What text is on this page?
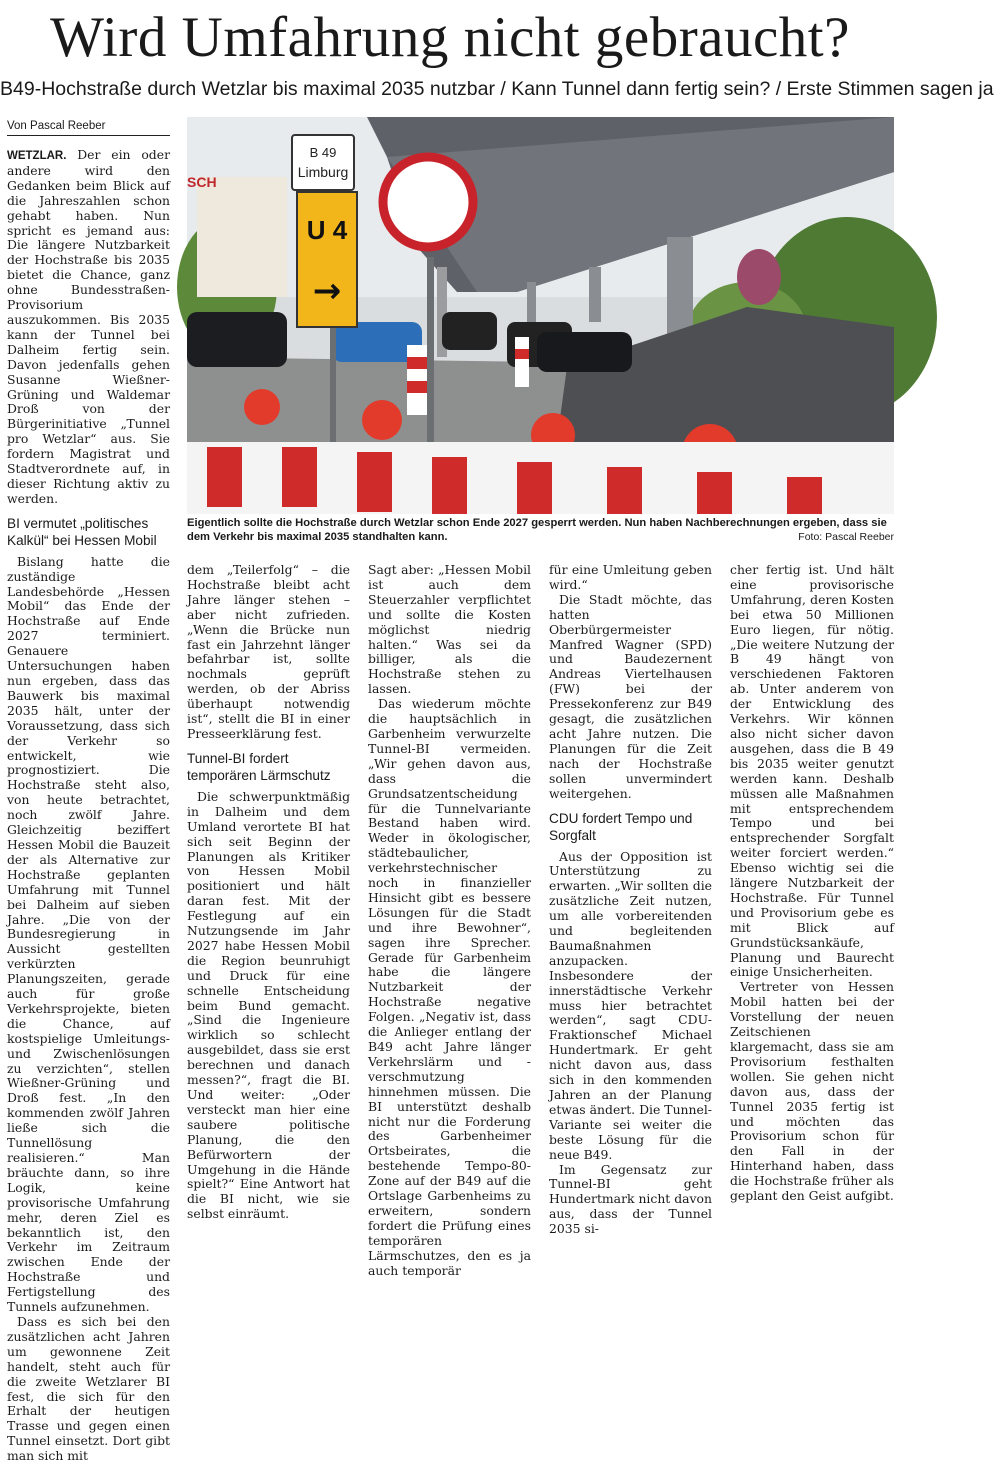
Wird Umfahrung nicht gebraucht?
B49-Hochstraße durch Wetzlar bis maximal 2035 nutzbar / Kann Tunnel dann fertig sein? / Erste Stimmen sagen ja
Von Pascal Reeber

WETZLAR. Der ein oder andere wird den Gedanken beim Blick auf die Jahreszahlen schon gehabt haben. Nun spricht es jemand aus: Die längere Nutzbarkeit der Hochstraße bis 2035 bietet die Chance, ganz ohne Bundesstraßen-Provisorium auszukommen. Bis 2035 kann der Tunnel bei Dalheim fertig sein. Davon jedenfalls gehen Susanne Wießner-Grüning und Waldemar Droß von der Bürgerinitiative „Tunnel pro Wetzlar“ aus. Sie fordern Magistrat und Stadtverordnete auf, in dieser Richtung aktiv zu werden.

BI vermutet „politisches Kalkül“ bei Hessen Mobil

Bislang hatte die zuständige Landesbehörde „Hessen Mobil“ das Ende der Hochstraße auf Ende 2027 terminiert. Genauere Untersuchungen haben nun ergeben, dass das Bauwerk bis maximal 2035 hält, unter der Voraussetzung, dass sich der Verkehr so entwickelt, wie prognostiziert. Die Hochstraße steht also, von heute betrachtet, noch zwölf Jahre. Gleichzeitig beziffert Hessen Mobil die Bauzeit der als Alternative zur Hochstraße geplanten Umfahrung mit Tunnel bei Dalheim auf sieben Jahre. „Die von der Bundesregierung in Aussicht gestellten verkürzten Planungszeiten, gerade auch für große Verkehrsprojekte, bieten die Chance, auf kostspielige Umleitungs- und Zwischenlösungen zu verzichten“, stellen Wießner-Grüning und Droß fest. „In den kommenden zwölf Jahren ließe sich die Tunnellösung realisieren.“ Man bräuchte dann, so ihre Logik, keine provisorische Umfahrung mehr, deren Ziel es bekanntlich ist, den Verkehr im Zeitraum zwischen Ende der Hochstraße und Fertigstellung des Tunnels aufzunehmen.

Dass es sich bei den zusätzlichen acht Jahren um gewonnene Zeit handelt, steht auch für die zweite Wetzlarer BI fest, die sich für den Erhalt der heutigen Trasse und gegen einen Tunnel einsetzt. Dort gibt man sich mit

SCH
B 49
Limburg
U 4
→
Eigentlich sollte die Hochstraße durch Wetzlar schon Ende 2027 gesperrt werden. Nun haben Nachberechnungen ergeben, dass sie dem Verkehr bis maximal 2035 standhalten kann.	Foto: Pascal Reeber

dem „Teilerfolg“ – die Hochstraße bleibt acht Jahre länger stehen – aber nicht zufrieden. „Wenn die Brücke nun fast ein Jahrzehnt länger befahrbar ist, sollte nochmals geprüft werden, ob der Abriss überhaupt notwendig ist“, stellt die BI in einer Presseerklärung fest.

Tunnel-BI fordert temporären Lärmschutz

Die schwerpunktmäßig in Dalheim und dem Umland verortete BI hat sich seit Beginn der Planungen als Kritiker von Hessen Mobil positioniert und hält daran fest. Mit der Festlegung auf ein Nutzungsende im Jahr 2027 habe Hessen Mobil die Region beunruhigt und Druck für eine schnelle Entscheidung beim Bund gemacht. „Sind die Ingenieure wirklich so schlecht ausgebildet, dass sie erst berechnen und danach messen?“, fragt die BI. Und weiter: „Oder versteckt man hier eine saubere politische Planung, die den Befürwortern der Umgehung in die Hände spielt?“ Eine Antwort hat die BI nicht, wie sie selbst einräumt.

Sagt aber: „Hessen Mobil ist auch dem Steuerzahler verpflichtet und sollte die Kosten möglichst niedrig halten.“ Was sei da billiger, als die Hochstraße stehen zu lassen.

Das wiederum möchte die hauptsächlich in Garbenheim verwurzelte Tunnel-BI vermeiden. „Wir gehen davon aus, dass die Grundsatzentscheidung für die Tunnelvariante Bestand haben wird. Weder in ökologischer, städtebaulicher, verkehrstechnischer noch in finanzieller Hinsicht gibt es bessere Lösungen für die Stadt und ihre Bewohner“, sagen ihre Sprecher. Gerade für Garbenheim habe die längere Nutzbarkeit der Hochstraße negative Folgen. „Negativ ist, dass die Anlieger entlang der B49 acht Jahre länger Verkehrslärm und -verschmutzung hinnehmen müssen. Die BI unterstützt deshalb nicht nur die Forderung des Garbenheimer Ortsbeirates, die bestehende Tempo-80-Zone auf der B49 auf die Ortslage Garbenheims zu erweitern, sondern fordert die Prüfung eines temporären Lärmschutzes, den es ja auch temporär

für eine Umleitung geben wird.“

Die Stadt möchte, das hatten Oberbürgermeister Manfred Wagner (SPD) und Baudezernent Andreas Viertelhausen (FW) bei der Pressekonferenz zur B49 gesagt, die zusätzlichen acht Jahre nutzen. Die Planungen für die Zeit nach der Hochstraße sollen unvermindert weitergehen.

CDU fordert Tempo und Sorgfalt

Aus der Opposition ist Unterstützung zu erwarten. „Wir sollten die zusätzliche Zeit nutzen, um alle vorbereitenden und begleitenden Baumaßnahmen anzupacken. Insbesondere der innerstädtische Verkehr muss hier betrachtet werden“, sagt CDU-Fraktionschef Michael Hundertmark. Er geht nicht davon aus, dass sich in den kommenden Jahren an der Planung etwas ändert. Die Tunnel-Variante sei weiter die beste Lösung für die neue B49.

Im Gegensatz zur Tunnel-BI geht Hundertmark nicht davon aus, dass der Tunnel 2035 si-

cher fertig ist. Und hält eine provisorische Umfahrung, deren Kosten bei etwa 50 Millionen Euro liegen, für nötig. „Die weitere Nutzung der B 49 hängt von verschiedenen Faktoren ab. Unter anderem von der Entwicklung des Verkehrs. Wir können also nicht sicher davon ausgehen, dass die B 49 bis 2035 weiter genutzt werden kann. Deshalb müssen alle Maßnahmen mit entsprechendem Tempo und bei entsprechender Sorgfalt weiter forciert werden.“ Ebenso wichtig sei die längere Nutzbarkeit der Hochstraße. Für Tunnel und Provisorium gebe es mit Blick auf Grundstücksankäufe, Planung und Baurecht einige Unsicherheiten.

Vertreter von Hessen Mobil hatten bei der Vorstellung der neuen Zeitschienen klargemacht, dass sie am Provisorium festhalten wollen. Sie gehen nicht davon aus, dass der Tunnel 2035 fertig ist und möchten das Provisorium schon für den Fall in der Hinterhand haben, dass die Hochstraße früher als geplant den Geist aufgibt.
